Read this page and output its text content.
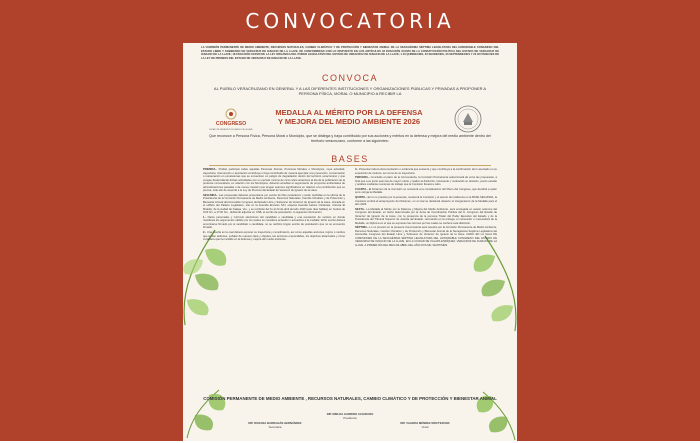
CONVOCATORIA
LA COMISIÓN PERMANENTE DE MEDIO AMBIENTE, RECURSOS NATURALES, CAMBIO CLIMÁTICO Y DE PROTECCIÓN Y BIENESTAR ANIMAL DE LA SEXAGÉSIMA SÉPTIMA LEGISLATURA DEL HONORABLE CONGRESO DEL ESTADO LIBRE Y SOBERANO DE VERACRUZ DE IGNACIO DE LA LLAVE, DE CONFORMIDAD CON LO DISPUESTO EN LOS ARTÍCULOS 33 FRACCIÓN XXXVIII DE LA CONSTITUCIÓN POLÍTICA DEL ESTADO DE VERACRUZ DE IGNACIO DE LA LLAVE; 18 FRACCIÓN XXXVIII DE LA LEY ORGÁNICA DEL PODER LEGISLATIVO DEL ESTADO DE VERACRUZ DE IGNACIO DE LA LLAVE; 1 23 QUINDECIES, 23 SEXDECIES, 23 SEPTENDECIES Y 23 OCTADECIES DE LA LEY DE PREMIOS DEL ESTADO DE VERACRUZ DE IGNACIO DE LA LLAVE.
CONVOCA
AL PUEBLO VERACRUZANO EN GENERAL Y A LAS DIFERENTES INSTITUCIONES Y ORGANIZACIONES PÚBLICAS Y PRIVADAS A PROPONER A PERSONA FÍSICA, MORAL O MUNICIPIO A RECIBIR LA
CONGRESO
ESTADO DE VERACRUZ DE IGNACIO DE LA LLAVE
MEDALLA AL MÉRITO POR LA DEFENSA
Y MEJORA DEL MEDIO AMBIENTE 2026
Que reconoce a Persona Física, Persona Moral o Municipio, que se distinga y haya contribuido por sus acciones y méritos en la defensa y mejora del medio ambiente dentro del territorio veracruzano, conforme a las siguientes:
BASES

PRIMERA.- Podrán participar todas aquellas Personas Físicas, Personas Morales o Municipios, cuya actividad, trayectoria, intervención o aportación contribuya o haya contribuido de manera ejemplar a la prevención, conservación o restauración en ecosistemas que se encuentren en peligro de degradación dentro del territorio veracruzano y que vengan desarrollando dichas actividades con un periodo mínimo de cinco años anteriores al día de la publicación de la presente convocatoria, en relación con los Municipios, deberán acreditar el seguimiento de proyectos ambientales de administraciones pasadas o de nueva creación que tengan avances significativos en relación a la contribución que se premia, todo ello de acuerdo a la Ley de Premios del Estado de Veracruz de Ignacio de la Llave.

SEGUNDA.- Las propuestas deberán presentarse por escrito de libre postulación y serán recibidas en la oficina de la Presidencia de la Comisión Permanente de Medio Ambiente, Recursos Naturales, Cambio Climático y de Protección y Bienestar Animal del Honorable Congreso del Estado Libre y Soberano de Veracruz de Ignacio de la Llave, ubicada en el edificio del Palacio Legislativo, sito en la Avenida Encanto S/N, esquina Avenida Lázaro Cárdenas, Colonia El Mirador, de la ciudad de Xalapa, Ver., y se recibirán del 11 al 24 de abril del año 2026 (solo días hábiles) en horario de 9:00 hrs. a 17:00 hrs., debiendo adjuntar en USB, el escrito de postulación, lo siguiente información:

1.- Datos personales y currículo electrónico del candidato o candidata y una exposición de motivos en donde manifieste los argumentos válidos por los cuales se considere acreedor o acreedora a la medalla; dicho escrito deberá encontrarse firmado por el candidato o candidata, no se recibirá ningún escrito de postulación que no se encuentre firmado.

2.- Una reseña en la cual deberá exponer su trayectoria y cumplimiento, así como aquellas acciones, logros o méritos que le den atributos, señalar de manera clara y objetiva, las acciones emprendidas, los objetivos alcanzados y cómo considera que ha incidido en la defensa y mejora del medio ambiente.

3.- Presentar toda la documentación o evidencia que sustente y que contribuya a la confirmación de lo asentado en su exposición de motivos, así como de su trayectoria.

TERCERA.- Concluido el plazo de la Convocatoria, la Comisión Permanente seleccionará de entre las propuestas, a final que a su juicio sean las de mayor mérito y realice la distinción; razonando y motivando su decisión, previo estudio y análisis mediante reuniones de trabajo que la Comisión llevará a cabo.

CUARTA.- El Dictamen de la Comisión se someterá a la consideración del Pleno del Congreso, que decidirá a quién se le otorga la Medalla.

QUINTA.- En lo no previsto por la presente, resolverá la Comisión y el asunto de incidencia en la BASE SEGUNDA, la Comisión emitirá al anteproyecto de Dictamen, en el cual se declarará desierto el otorgamiento de la Medalla para el año 2026.

SEXTA.- La Medalla al Mérito por la Defensa y Mejora del Medio Ambiente, será entregada en sesión solemne del Congreso del Estado, en fecha determinada por la Junta de Coordinación Política del H. Congreso del Estado de Veracruz de Ignacio de la Llave, con la presencia de la persona Titular del Poder Ejecutivo del Estado y de la Presidencia del Tribunal Superior de Justicia del Estado, razonando en la entrega, el merecedor o merecedora de la Medalla, un Diploma en el que se expresen las razones por las cuales se confiere esta distinción.

SÉPTIMA.- Lo no previsto en la presente Convocatoria será resuelto por la Comisión Permanente de Medio Ambiente, Recursos Naturales, Cambio Climático y de Protección y Bienestar Animal de la Sexagésima Séptima Legislatura del Honorable Congreso del Estado Libre y Soberano de Veracruz de Ignacio de la Llave. DADO EN LA SALA DE COMISIONES DE LA SEXAGÉSIMA SÉPTIMA LEGISLATURA DEL HONORABLE CONGRESO DEL ESTADO DE VERACRUZ DE IGNACIO DE LA LLAVE, EN LA CIUDAD DE XALAPA ENRÍQUEZ, VERACRUZ DE IGNACIO DE LA LLAVE, A PRIMER DÍA DEL MES DE ABRIL DEL AÑO DOS MIL VEINTISÉIS.

COMISIÓN PERMANENTE DE MEDIO AMBIENTE , RECURSOS NATURALES, CAMBIO CLIMÁTICO Y DE PROTECCIÓN Y BIENESTAR ANIMAL
DIP. IMELDA GARRIDO ALVARADO
Presidenta
DIP. ROXANA BARRAGÁN HERNÁNDEZ
Secretaria
DIP. VALERIA MÉNDEZ MOCTEZUMA
Vocal
